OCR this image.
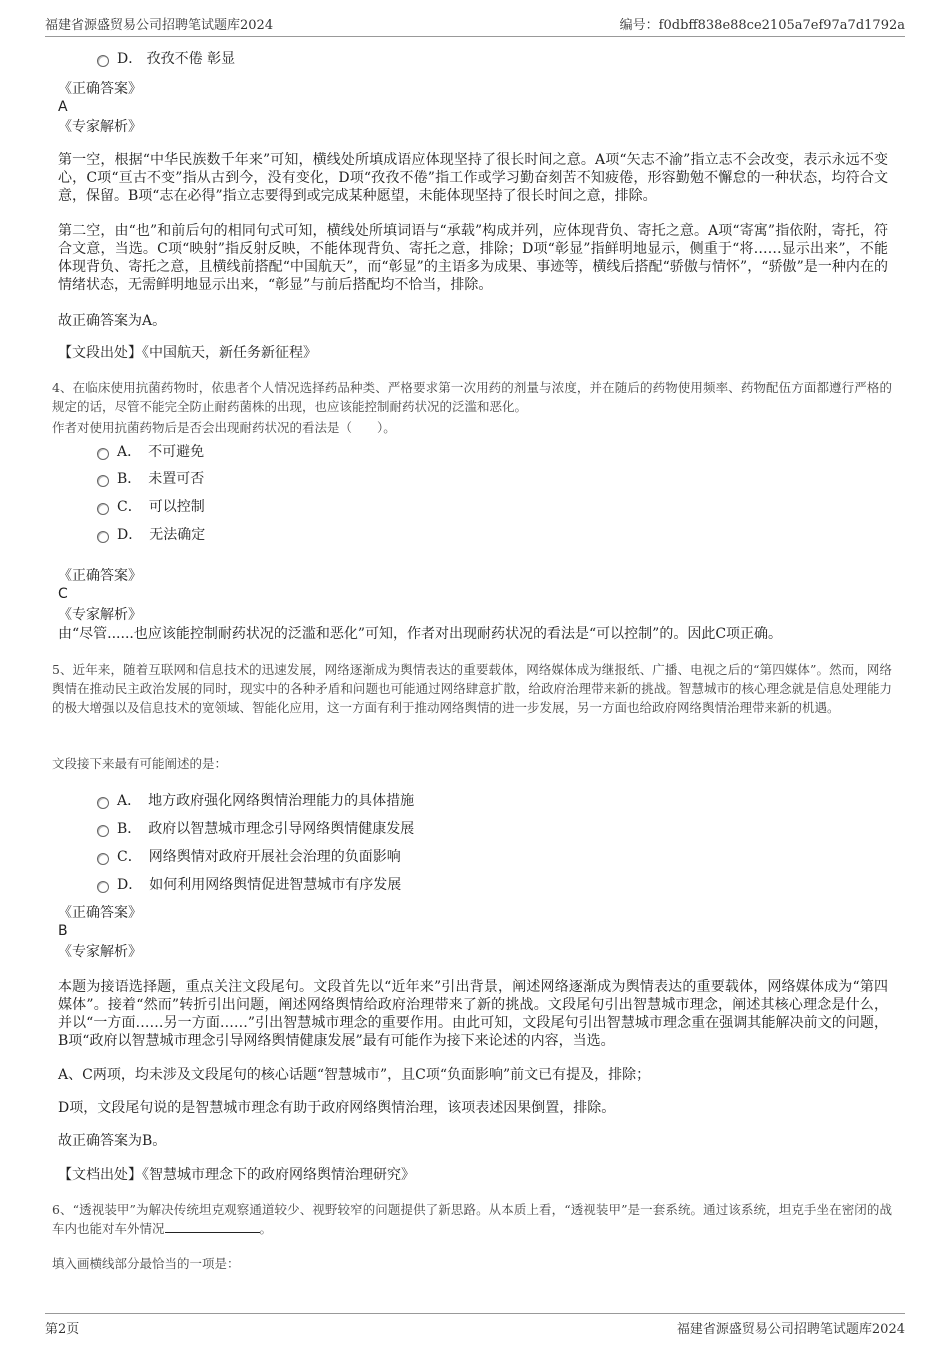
福建省源盛贸易公司招聘笔试题库2024	编号：f0dbff838e88ce2105a7ef97a7d1792a
D． 孜孜不倦 彰显
《正确答案》
A
《专家解析》
第一空，根据“中华民族数千年来”可知，横线处所填成语应体现坚持了很长时间之意。A项“矢志不渝”指立志不会改变，表示永远不变心，C项“亘古不变”指从古到今，没有变化，D项“孜孜不倦”指工作或学习勤奋刻苦不知疲倦，形容勤勉不懈怠的一种状态，均符合文意，保留。B项“志在必得”指立志要得到或完成某种愿望，未能体现坚持了很长时间之意，排除。
第二空，由“也”和前后句的相同句式可知，横线处所填词语与“承载”构成并列，应体现背负、寄托之意。A项“寄寓”指依附，寄托，符合文意，当选。C项“映射”指反射反映，不能体现背负、寄托之意，排除；D项“彰显”指鲜明地显示，侧重于“将……显示出来”，不能体现背负、寄托之意，且横线前搭配“中国航天”，而“彰显”的主语多为成果、事迹等，横线后搭配“骄傲与情怀”，“骄傲”是一种内在的情绪状态，无需鲜明地显示出来，“彰显”与前后搭配均不恰当，排除。
故正确答案为A。
【文段出处】《中国航天，新任务新征程》
4、在临床使用抗菌药物时，依患者个人情况选择药品种类、严格要求第一次用药的剂量与浓度，并在随后的药物使用频率、药物配伍方面都遵行严格的规定的话，尽管不能完全防止耐药菌株的出现，也应该能控制耐药状况的泛滥和恶化。
作者对使用抗菌药物后是否会出现耐药状况的看法是（　　）。
A．　不可避免
B．　未置可否
C．　可以控制
D．　无法确定
《正确答案》
C
《专家解析》
由“尽管......也应该能控制耐药状况的泛滥和恶化”可知，作者对出现耐药状况的看法是“可以控制”的。因此C项正确。
5、近年来，随着互联网和信息技术的迅速发展，网络逐渐成为舆情表达的重要载体，网络媒体成为继报纸、广播、电视之后的“第四媒体”。然而，网络舆情在推动民主政治发展的同时，现实中的各种矛盾和问题也可能通过网络肆意扩散，给政府治理带来新的挑战。智慧城市的核心理念就是信息处理能力的极大增强以及信息技术的宽领域、智能化应用，这一方面有利于推动网络舆情的进一步发展，另一方面也给政府网络舆情治理带来新的机遇。
文段接下来最有可能阐述的是：
A．　地方政府强化网络舆情治理能力的具体措施
B．　政府以智慧城市理念引导网络舆情健康发展
C．　网络舆情对政府开展社会治理的负面影响
D．　如何利用网络舆情促进智慧城市有序发展
《正确答案》
B
《专家解析》
本题为接语选择题，重点关注文段尾句。文段首先以“近年来”引出背景，阐述网络逐渐成为舆情表达的重要载体，网络媒体成为“第四媒体”。接着“然而”转折引出问题，阐述网络舆情给政府治理带来了新的挑战。文段尾句引出智慧城市理念，阐述其核心理念是什么，并以“一方面……另一方面……”引出智慧城市理念的重要作用。由此可知，文段尾句引出智慧城市理念重在强调其能解决前文的问题，B项“政府以智慧城市理念引导网络舆情健康发展”最有可能作为接下来论述的内容，当选。
A、C两项，均未涉及文段尾句的核心话题“智慧城市”，且C项“负面影响”前文已有提及，排除；
D项，文段尾句说的是智慧城市理念有助于政府网络舆情治理，该项表述因果倒置，排除。
故正确答案为B。
【文档出处】《智慧城市理念下的政府网络舆情治理研究》
6、“透视装甲”为解决传统坦克观察通道较少、视野较窄的问题提供了新思路。从本质上看，“透视装甲”是一套系统。通过该系统，坦克手坐在密闭的战车内也能对车外情况	。
填入画横线部分最恰当的一项是：
第2页	福建省源盛贸易公司招聘笔试题库2024
